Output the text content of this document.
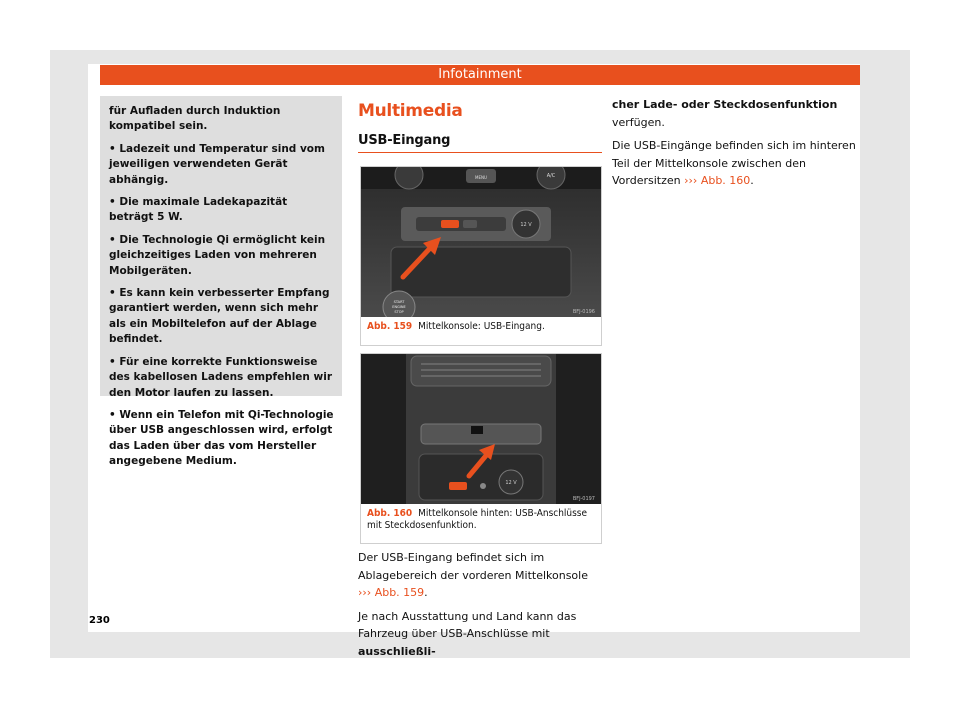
Infotainment

für Aufladen durch Induktion kompatibel sein.

• Ladezeit und Temperatur sind vom jeweiligen verwendeten Gerät abhängig.

• Die maximale Ladekapazität beträgt 5 W.

• Die Technologie Qi ermöglicht kein gleichzeitiges Laden von mehreren Mobilgeräten.

• Es kann kein verbesserter Empfang garantiert werden, wenn sich mehr als ein Mobiltelefon auf der Ablage befindet.

• Für eine korrekte Funktionsweise des kabellosen Ladens empfehlen wir den Motor laufen zu lassen.

• Wenn ein Telefon mit Qi-Technologie über USB angeschlossen wird, erfolgt das Laden über das vom Hersteller angegebene Medium.

Multimedia
USB-Eingang
MENU	A/C
12 V
START
ENGINE
STOP	BFJ-0196
Abb. 159 Mittelkonsole: USB-Eingang.
12 V
BFJ-0197
Abb. 160 Mittelkonsole hinten: USB-Anschlüsse mit Steckdosenfunktion.

Der USB-Eingang befindet sich im Ablagebereich der vorderen Mittelkonsole ››› Abb. 159.

Je nach Ausstattung und Land kann das Fahrzeug über USB-Anschlüsse mit ausschließli-

cher Lade- oder Steckdosenfunktion verfügen.

Die USB-Eingänge befinden sich im hinteren Teil der Mittelkonsole zwischen den Vordersitzen ››› Abb. 160.

230
